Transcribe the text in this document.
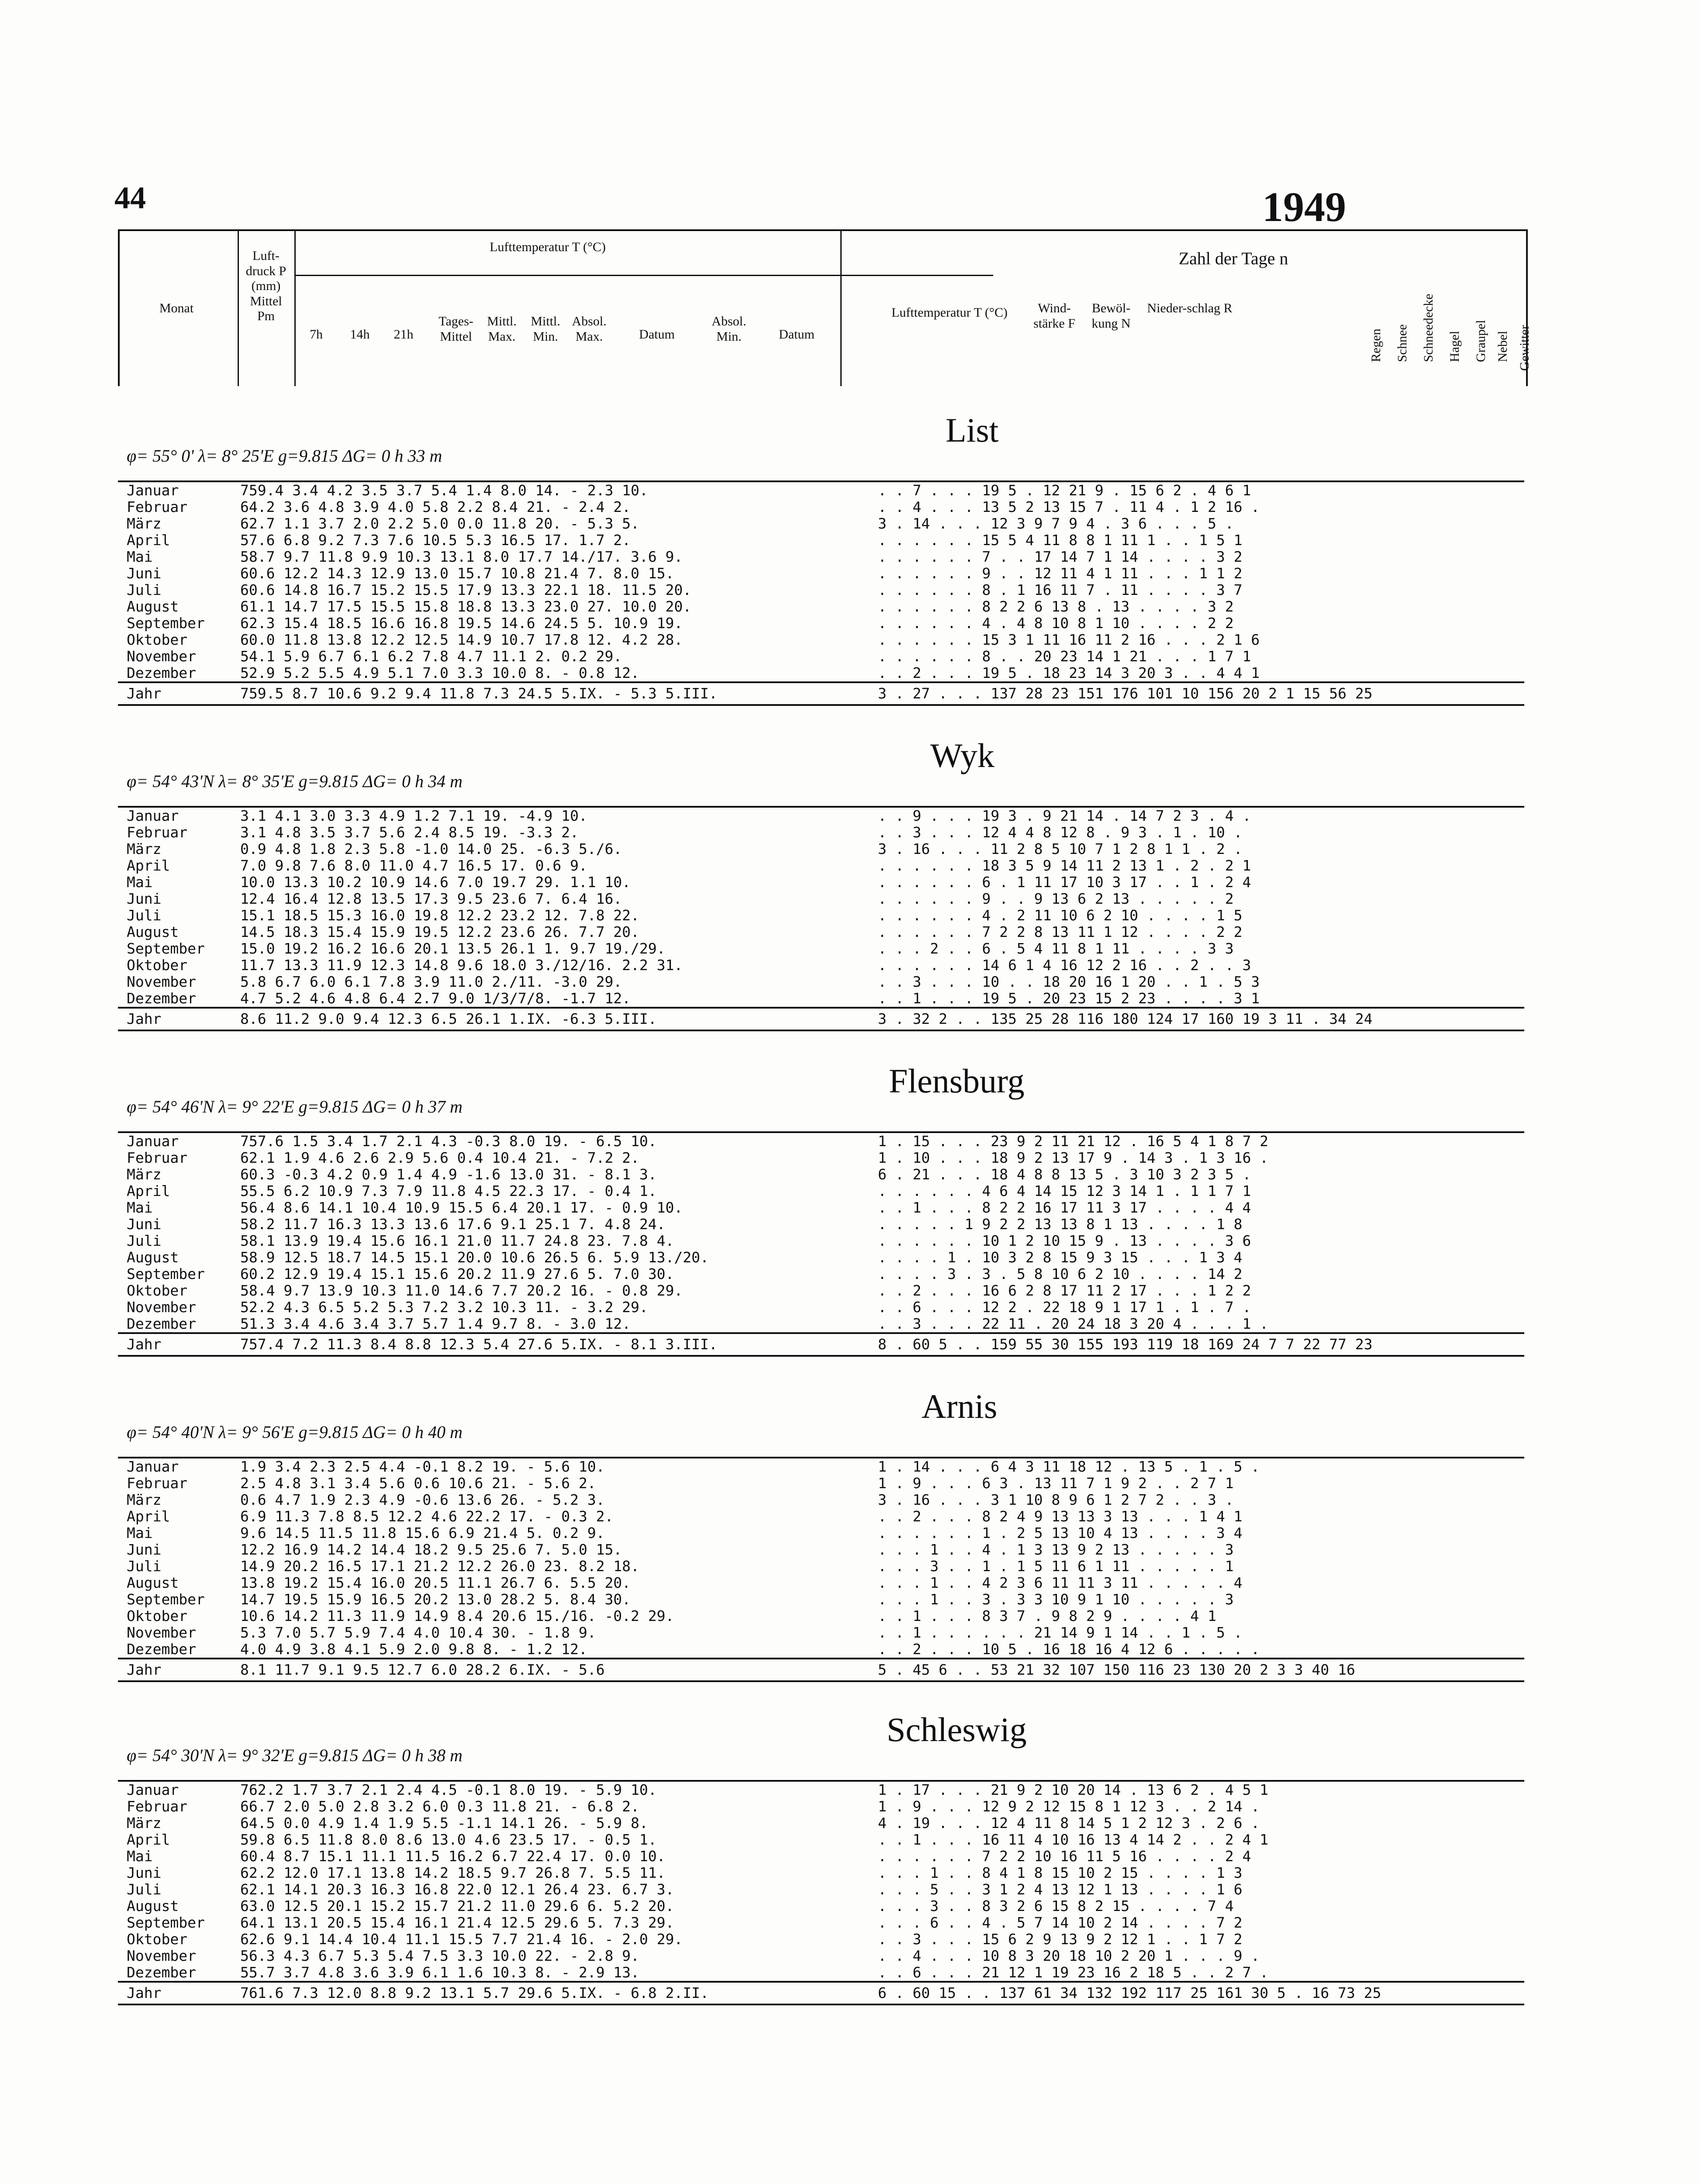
44	1949
Monat
Luft-druck P (mm) Mittel Pm
Lufttemperatur T (°C)
7h	14h	21h
Tages-Mittel
Mittl. Max.
Mittl. Min.
Absol. Max.	Datum
Absol. Min.	Datum
Zahl der Tage n
Lufttemperatur T (°C)	Wind-stärke F
Bewöl-kung N
Nieder-schlag R
Regen Schnee Schneedecke Hagel Graupel Nebel Gewitter
List
φ= 55° 0' λ= 8° 25'E g=9.815 ΔG= 0 h 33 m
Januar	759.4 3.4 4.2 3.5 3.7 5.4 1.4 8.0 14. - 2.3 10.	. . 7 . . . 19 5 . 12 21 9 . 15 6 2 . 4 6 1
Februar	64.2 3.6 4.8 3.9 4.0 5.8 2.2 8.4 21. - 2.4 2.	. . 4 . . . 13 5 2 13 15 7 . 11 4 . 1 2 16 .
März	62.7 1.1 3.7 2.0 2.2 5.0 0.0 11.8 20. - 5.3 5.	3 . 14 . . . 12 3 9 7 9 4 . 3 6 . . . 5 .
April	57.6 6.8 9.2 7.3 7.6 10.5 5.3 16.5 17. 1.7 2.	. . . . . . 15 5 4 11 8 8 1 11 1 . . 1 5 1
Mai	58.7 9.7 11.8 9.9 10.3 13.1 8.0 17.7 14./17. 3.6 9.	. . . . . . 7 . . 17 14 7 1 14 . . . . 3 2
Juni	60.6 12.2 14.3 12.9 13.0 15.7 10.8 21.4 7. 8.0 15.	. . . . . . 9 . . 12 11 4 1 11 . . . 1 1 2
Juli	60.6 14.8 16.7 15.2 15.5 17.9 13.3 22.1 18. 11.5 20.	. . . . . . 8 . 1 16 11 7 . 11 . . . . 3 7
August	61.1 14.7 17.5 15.5 15.8 18.8 13.3 23.0 27. 10.0 20.	. . . . . . 8 2 2 6 13 8 . 13 . . . . 3 2
September 62.3 15.4 18.5 16.6 16.8 19.5 14.6 24.5 5. 10.9 19.	. . . . . . 4 . 4 8 10 8 1 10 . . . . 2 2
Oktober	60.0 11.8 13.8 12.2 12.5 14.9 10.7 17.8 12. 4.2 28.	. . . . . . 15 3 1 11 16 11 2 16 . . . 2 1 6
November	54.1 5.9 6.7 6.1 6.2 7.8 4.7 11.1 2. 0.2 29.	. . . . . . 8 . . 20 23 14 1 21 . . . 1 7 1
Dezember	52.9 5.2 5.5 4.9 5.1 7.0 3.3 10.0 8. - 0.8 12.	. . 2 . . . 19 5 . 18 23 14 3 20 3 . . 4 4 1
Jahr	759.5 8.7 10.6 9.2 9.4 11.8 7.3 24.5 5.IX. - 5.3 5.III.	3 . 27 . . . 137 28 23 151 176 101 10 156 20 2 1 15 56 25
Wyk
φ= 54° 43'N λ= 8° 35'E g=9.815 ΔG= 0 h 34 m
Januar	3.1 4.1 3.0 3.3 4.9 1.2 7.1 19. -4.9 10.	. . 9 . . . 19 3 . 9 21 14 . 14 7 2 3 . 4 .
Februar	3.1 4.8 3.5 3.7 5.6 2.4 8.5 19. -3.3 2.	. . 3 . . . 12 4 4 8 12 8 . 9 3 . 1 . 10 .
März	0.9 4.8 1.8 2.3 5.8 -1.0 14.0 25. -6.3 5./6.	3 . 16 . . . 11 2 8 5 10 7 1 2 8 1 1 . 2 .
April	7.0 9.8 7.6 8.0 11.0 4.7 16.5 17. 0.6 9.	. . . . . . 18 3 5 9 14 11 2 13 1 . 2 . 2 1
Mai	10.0 13.3 10.2 10.9 14.6 7.0 19.7 29. 1.1 10.	. . . . . . 6 . 1 11 17 10 3 17 . . 1 . 2 4
Juni	12.4 16.4 12.8 13.5 17.3 9.5 23.6 7. 6.4 16.	. . . . . . 9 . . 9 13 6 2 13 . . . . . 2
Juli	15.1 18.5 15.3 16.0 19.8 12.2 23.2 12. 7.8 22.	. . . . . . 4 . 2 11 10 6 2 10 . . . . 1 5
August	14.5 18.3 15.4 15.9 19.5 12.2 23.6 26. 7.7 20.	. . . . . . 7 2 2 8 13 11 1 12 . . . . 2 2
September 15.0 19.2 16.2 16.6 20.1 13.5 26.1 1. 9.7 19./29.	. . . 2 . . 6 . 5 4 11 8 1 11 . . . . 3 3
Oktober	11.7 13.3 11.9 12.3 14.8 9.6 18.0 3./12/16. 2.2 31.	. . . . . . 14 6 1 4 16 12 2 16 . . 2 . . 3
November	5.8 6.7 6.0 6.1 7.8 3.9 11.0 2./11. -3.0 29.	. . 3 . . . 10 . . 18 20 16 1 20 . . 1 . 5 3
Dezember	4.7 5.2 4.6 4.8 6.4 2.7 9.0 1/3/7/8. -1.7 12.	. . 1 . . . 19 5 . 20 23 15 2 23 . . . . 3 1
Jahr	8.6 11.2 9.0 9.4 12.3 6.5 26.1 1.IX. -6.3 5.III.	3 . 32 2 . . 135 25 28 116 180 124 17 160 19 3 11 . 34 24
Flensburg
φ= 54° 46'N λ= 9° 22'E g=9.815 ΔG= 0 h 37 m
Januar	757.6 1.5 3.4 1.7 2.1 4.3 -0.3 8.0 19. - 6.5 10.	1 . 15 . . . 23 9 2 11 21 12 . 16 5 4 1 8 7 2
Februar	62.1 1.9 4.6 2.6 2.9 5.6 0.4 10.4 21. - 7.2 2.	1 . 10 . . . 18 9 2 13 17 9 . 14 3 . 1 3 16 .
März	60.3 -0.3 4.2 0.9 1.4 4.9 -1.6 13.0 31. - 8.1 3.	6 . 21 . . . 18 4 8 8 13 5 . 3 10 3 2 3 5 .
April	55.5 6.2 10.9 7.3 7.9 11.8 4.5 22.3 17. - 0.4 1.	. . . . . . 4 6 4 14 15 12 3 14 1 . 1 1 7 1
Mai	56.4 8.6 14.1 10.4 10.9 15.5 6.4 20.1 17. - 0.9 10.	. . 1 . . . 8 2 2 16 17 11 3 17 . . . . 4 4
Juni	58.2 11.7 16.3 13.3 13.6 17.6 9.1 25.1 7. 4.8 24.	. . . . . 1 9 2 2 13 13 8 1 13 . . . . 1 8
Juli	58.1 13.9 19.4 15.6 16.1 21.0 11.7 24.8 23. 7.8 4.	. . . . . . 10 1 2 10 15 9 . 13 . . . . 3 6
August	58.9 12.5 18.7 14.5 15.1 20.0 10.6 26.5 6. 5.9 13./20.	. . . . 1 . 10 3 2 8 15 9 3 15 . . . 1 3 4
September 60.2 12.9 19.4 15.1 15.6 20.2 11.9 27.6 5. 7.0 30.	. . . . 3 . 3 . 5 8 10 6 2 10 . . . . 14 2
Oktober	58.4 9.7 13.9 10.3 11.0 14.6 7.7 20.2 16. - 0.8 29.	. . 2 . . . 16 6 2 8 17 11 2 17 . . . 1 2 2
November	52.2 4.3 6.5 5.2 5.3 7.2 3.2 10.3 11. - 3.2 29.	. . 6 . . . 12 2 . 22 18 9 1 17 1 . 1 . 7 .
Dezember	51.3 3.4 4.6 3.4 3.7 5.7 1.4 9.7 8. - 3.0 12.	. . 3 . . . 22 11 . 20 24 18 3 20 4 . . . 1 .
Jahr	757.4 7.2 11.3 8.4 8.8 12.3 5.4 27.6 5.IX. - 8.1 3.III.	8 . 60 5 . . 159 55 30 155 193 119 18 169 24 7 7 22 77 23
Arnis
φ= 54° 40'N λ= 9° 56'E g=9.815 ΔG= 0 h 40 m
Januar	1.9 3.4 2.3 2.5 4.4 -0.1 8.2 19. - 5.6 10.	1 . 14 . . . 6 4 3 11 18 12 . 13 5 . 1 . 5 .
Februar	2.5 4.8 3.1 3.4 5.6 0.6 10.6 21. - 5.6 2.	1 . 9 . . . 6 3 . 13 11 7 1 9 2 . . 2 7 1
März	0.6 4.7 1.9 2.3 4.9 -0.6 13.6 26. - 5.2 3.	3 . 16 . . . 3 1 10 8 9 6 1 2 7 2 . . 3 .
April	6.9 11.3 7.8 8.5 12.2 4.6 22.2 17. - 0.3 2.	. . 2 . . . 8 2 4 9 13 13 3 13 . . . 1 4 1
Mai	9.6 14.5 11.5 11.8 15.6 6.9 21.4 5. 0.2 9.	. . . . . . 1 . 2 5 13 10 4 13 . . . . 3 4
Juni	12.2 16.9 14.2 14.4 18.2 9.5 25.6 7. 5.0 15.	. . . 1 . . 4 . 1 3 13 9 2 13 . . . . . 3
Juli	14.9 20.2 16.5 17.1 21.2 12.2 26.0 23. 8.2 18.	. . . 3 . . 1 . 1 5 11 6 1 11 . . . . . 1
August	13.8 19.2 15.4 16.0 20.5 11.1 26.7 6. 5.5 20.	. . . 1 . . 4 2 3 6 11 11 3 11 . . . . . 4
September 14.7 19.5 15.9 16.5 20.2 13.0 28.2 5. 8.4 30.	. . . 1 . . 3 . 3 3 10 9 1 10 . . . . . 3
Oktober	10.6 14.2 11.3 11.9 14.9 8.4 20.6 15./16. -0.2 29.	. . 1 . . . 8 3 7 . 9 8 2 9 . . . . 4 1
November	5.3 7.0 5.7 5.9 7.4 4.0 10.4 30. - 1.8 9.	. . 1 . . . . . . 21 14 9 1 14 . . 1 . 5 .
Dezember	4.0 4.9 3.8 4.1 5.9 2.0 9.8 8. - 1.2 12.	. . 2 . . . 10 5 . 16 18 16 4 12 6 . . . . .
Jahr	8.1 11.7 9.1 9.5 12.7 6.0 28.2 6.IX. - 5.6	5 . 45 6 . . 53 21 32 107 150 116 23 130 20 2 3 3 40 16
Schleswig
φ= 54° 30'N λ= 9° 32'E g=9.815 ΔG= 0 h 38 m
Januar	762.2 1.7 3.7 2.1 2.4 4.5 -0.1 8.0 19. - 5.9 10.	1 . 17 . . . 21 9 2 10 20 14 . 13 6 2 . 4 5 1
Februar	66.7 2.0 5.0 2.8 3.2 6.0 0.3 11.8 21. - 6.8 2.	1 . 9 . . . 12 9 2 12 15 8 1 12 3 . . 2 14 .
März	64.5 0.0 4.9 1.4 1.9 5.5 -1.1 14.1 26. - 5.9 8.	4 . 19 . . . 12 4 11 8 14 5 1 2 12 3 . 2 6 .
April	59.8 6.5 11.8 8.0 8.6 13.0 4.6 23.5 17. - 0.5 1.	. . 1 . . . 16 11 4 10 16 13 4 14 2 . . 2 4 1
Mai	60.4 8.7 15.1 11.1 11.5 16.2 6.7 22.4 17. 0.0 10.	. . . . . . 7 2 2 10 16 11 5 16 . . . . 2 4
Juni	62.2 12.0 17.1 13.8 14.2 18.5 9.7 26.8 7. 5.5 11.	. . . 1 . . 8 4 1 8 15 10 2 15 . . . . 1 3
Juli	62.1 14.1 20.3 16.3 16.8 22.0 12.1 26.4 23. 6.7 3.	. . . 5 . . 3 1 2 4 13 12 1 13 . . . . 1 6
August	63.0 12.5 20.1 15.2 15.7 21.2 11.0 29.6 6. 5.2 20.	. . . 3 . . 8 3 2 6 15 8 2 15 . . . . 7 4
September 64.1 13.1 20.5 15.4 16.1 21.4 12.5 29.6 5. 7.3 29.	. . . 6 . . 4 . 5 7 14 10 2 14 . . . . 7 2
Oktober	62.6 9.1 14.4 10.4 11.1 15.5 7.7 21.4 16. - 2.0 29.	. . 3 . . . 15 6 2 9 13 9 2 12 1 . . 1 7 2
November	56.3 4.3 6.7 5.3 5.4 7.5 3.3 10.0 22. - 2.8 9.	. . 4 . . . 10 8 3 20 18 10 2 20 1 . . . 9 .
Dezember	55.7 3.7 4.8 3.6 3.9 6.1 1.6 10.3 8. - 2.9 13.	. . 6 . . . 21 12 1 19 23 16 2 18 5 . . 2 7 .
Jahr	761.6 7.3 12.0 8.8 9.2 13.1 5.7 29.6 5.IX. - 6.8 2.II.	6 . 60 15 . . 137 61 34 132 192 117 25 161 30 5 . 16 73 25
